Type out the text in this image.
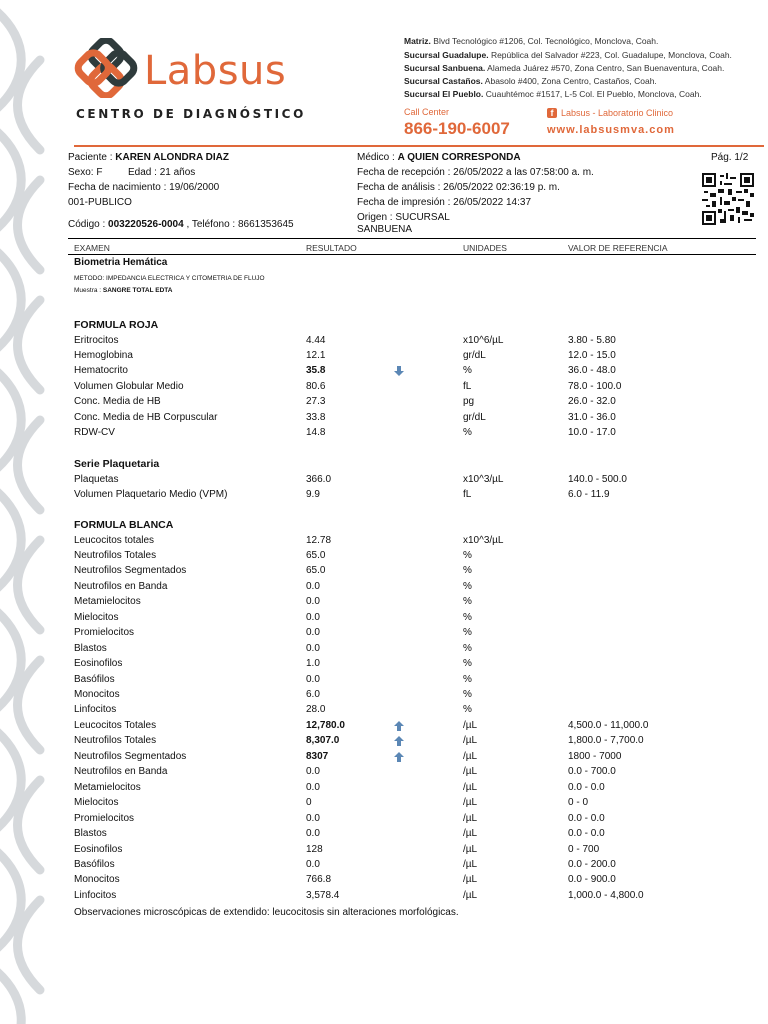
Labsus
CENTRO DE DIAGNÓSTICO
Matriz. Blvd Tecnológico #1206, Col. Tecnológico, Monclova, Coah.
Sucursal Guadalupe. República del Salvador #223, Col. Guadalupe, Monclova, Coah.
Sucursal Sanbuena. Alameda Juárez #570, Zona Centro, San Buenaventura, Coah.
Sucursal Castaños. Abasolo #400, Zona Centro, Castaños, Coah.
Sucursal El Pueblo. Cuauhtémoc #1517, L-5 Col. El Pueblo, Monclova, Coah.
Call Center
866-190-6007
f Labsus - Laboratorio Clinico
www.labsusmva.com
Paciente : KAREN ALONDRA DIAZ
Sexo: F	Edad : 21 años
Fecha de nacimiento : 19/06/2000
001-PUBLICO
Código : 003220526-0004 , Teléfono : 8661353645
Médico : A QUIEN CORRESPONDA
Fecha de recepción : 26/05/2022 a las 07:58:00 a. m.
Fecha de análisis : 26/05/2022 02:36:19 p. m.
Fecha de impresión : 26/05/2022 14:37
Origen : SUCURSAL
SANBUENA
Pág. 1/2
EXAMEN	RESULTADO	UNIDADES	VALOR DE REFERENCIA
Biometria Hemática
METODO: IMPEDANCIA ELECTRICA Y CITOMETRIA DE FLUJO
Muestra : SANGRE TOTAL EDTA
FORMULA ROJA
Eritrocitos	4.44	x10^6/µL	3.80 - 5.80
Hemoglobina	12.1	gr/dL	12.0 - 15.0
Hematocrito	35.8	%	36.0 - 48.0
Volumen Globular Medio	80.6	fL	78.0 - 100.0
Conc. Media de HB	27.3	pg	26.0 - 32.0
Conc. Media de HB Corpuscular	33.8	gr/dL	31.0 - 36.0
RDW-CV	14.8	%	10.0 - 17.0
Serie Plaquetaria
Plaquetas	366.0	x10^3/µL	140.0 - 500.0
Volumen Plaquetario Medio (VPM)	9.9	fL	6.0 - 11.9
FORMULA BLANCA
Leucocitos totales	12.78	x10^3/µL
Neutrofilos Totales	65.0	%
Neutrofilos Segmentados	65.0	%
Neutrofilos en Banda	0.0	%
Metamielocitos	0.0	%
Mielocitos	0.0	%
Promielocitos	0.0	%
Blastos	0.0	%
Eosinofilos	1.0	%
Basófilos	0.0	%
Monocitos	6.0	%
Linfocitos	28.0	%
Leucocitos Totales	12,780.0	/µL	4,500.0 - 11,000.0
Neutrofilos Totales	8,307.0	/µL	1,800.0 - 7,700.0
Neutrofilos Segmentados	8307	/µL	1800 - 7000
Neutrofilos en Banda	0.0	/µL	0.0 - 700.0
Metamielocitos	0.0	/µL	0.0 - 0.0
Mielocitos	0	/µL	0 - 0
Promielocitos	0.0	/µL	0.0 - 0.0
Blastos	0.0	/µL	0.0 - 0.0
Eosinofilos	128	/µL	0 - 700
Basófilos	0.0	/µL	0.0 - 200.0
Monocitos	766.8	/µL	0.0 - 900.0
Linfocitos	3,578.4	/µL	1,000.0 - 4,800.0
Observaciones microscópicas de extendido: leucocitosis sin alteraciones morfológicas.
